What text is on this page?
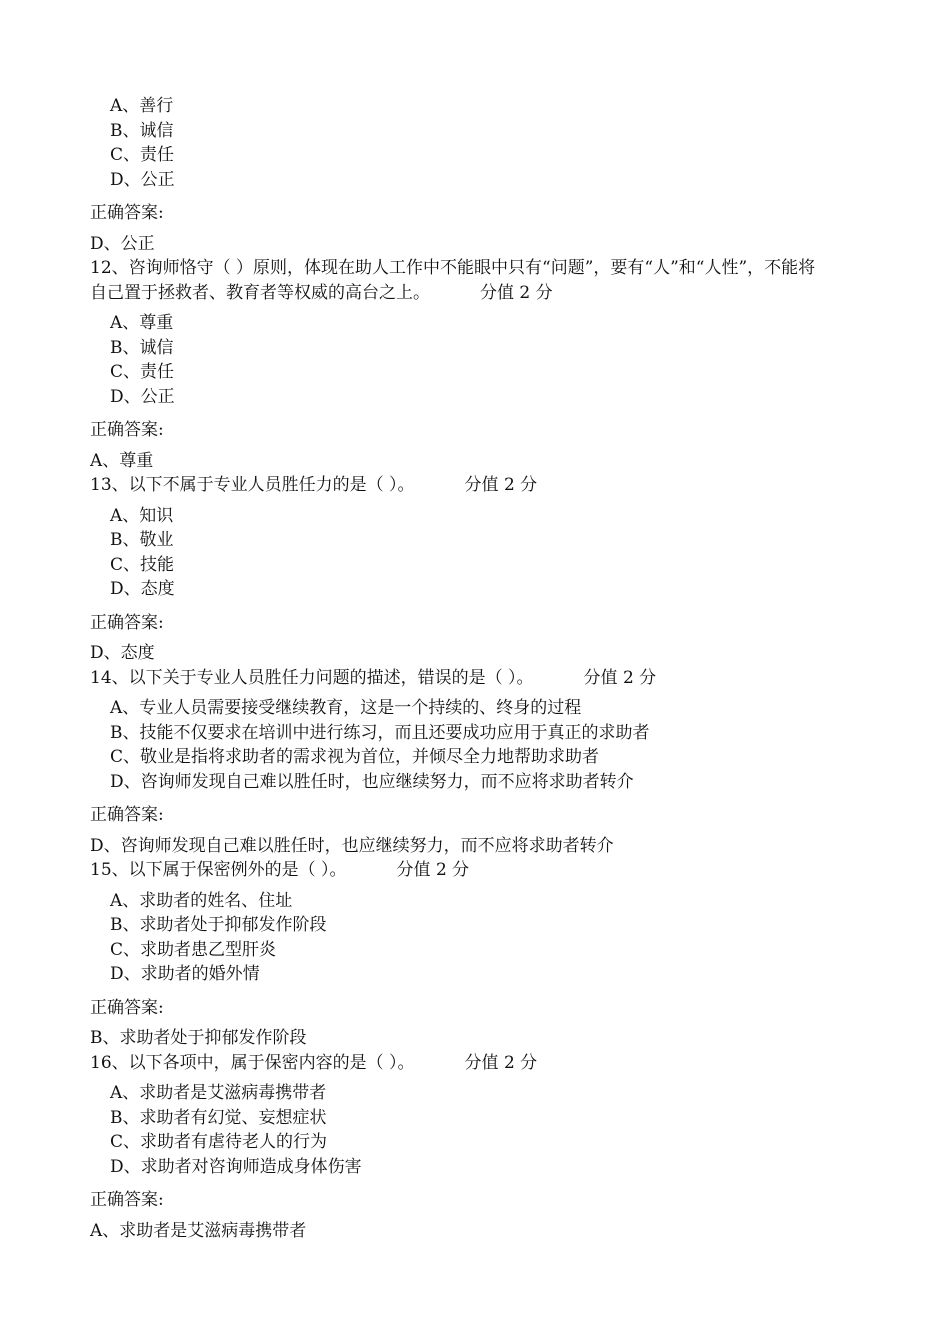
A、善行
B、诚信
C、责任
D、公正
正确答案:
D、公正
12、咨询师恪守（ ）原则，体现在助人工作中不能眼中只有“问题”，要有“人”和“人性”，不能将自己置于拯救者、教育者等权威的高台之上。	分值 2 分
A、尊重
B、诚信
C、责任
D、公正
正确答案:
A、尊重
13、以下不属于专业人员胜任力的是（ ）。	分值 2 分
A、知识
B、敬业
C、技能
D、态度
正确答案:
D、态度
14、以下关于专业人员胜任力问题的描述，错误的是（ ）。	分值 2 分
A、专业人员需要接受继续教育，这是一个持续的、终身的过程
B、技能不仅要求在培训中进行练习，而且还要成功应用于真正的求助者
C、敬业是指将求助者的需求视为首位，并倾尽全力地帮助求助者
D、咨询师发现自己难以胜任时，也应继续努力，而不应将求助者转介
正确答案:
D、咨询师发现自己难以胜任时，也应继续努力，而不应将求助者转介
15、以下属于保密例外的是（ ）。	分值 2 分
A、求助者的姓名、住址
B、求助者处于抑郁发作阶段
C、求助者患乙型肝炎
D、求助者的婚外情
正确答案:
B、求助者处于抑郁发作阶段
16、以下各项中，属于保密内容的是（ ）。	分值 2 分
A、求助者是艾滋病毒携带者
B、求助者有幻觉、妄想症状
C、求助者有虐待老人的行为
D、求助者对咨询师造成身体伤害
正确答案:
A、求助者是艾滋病毒携带者
